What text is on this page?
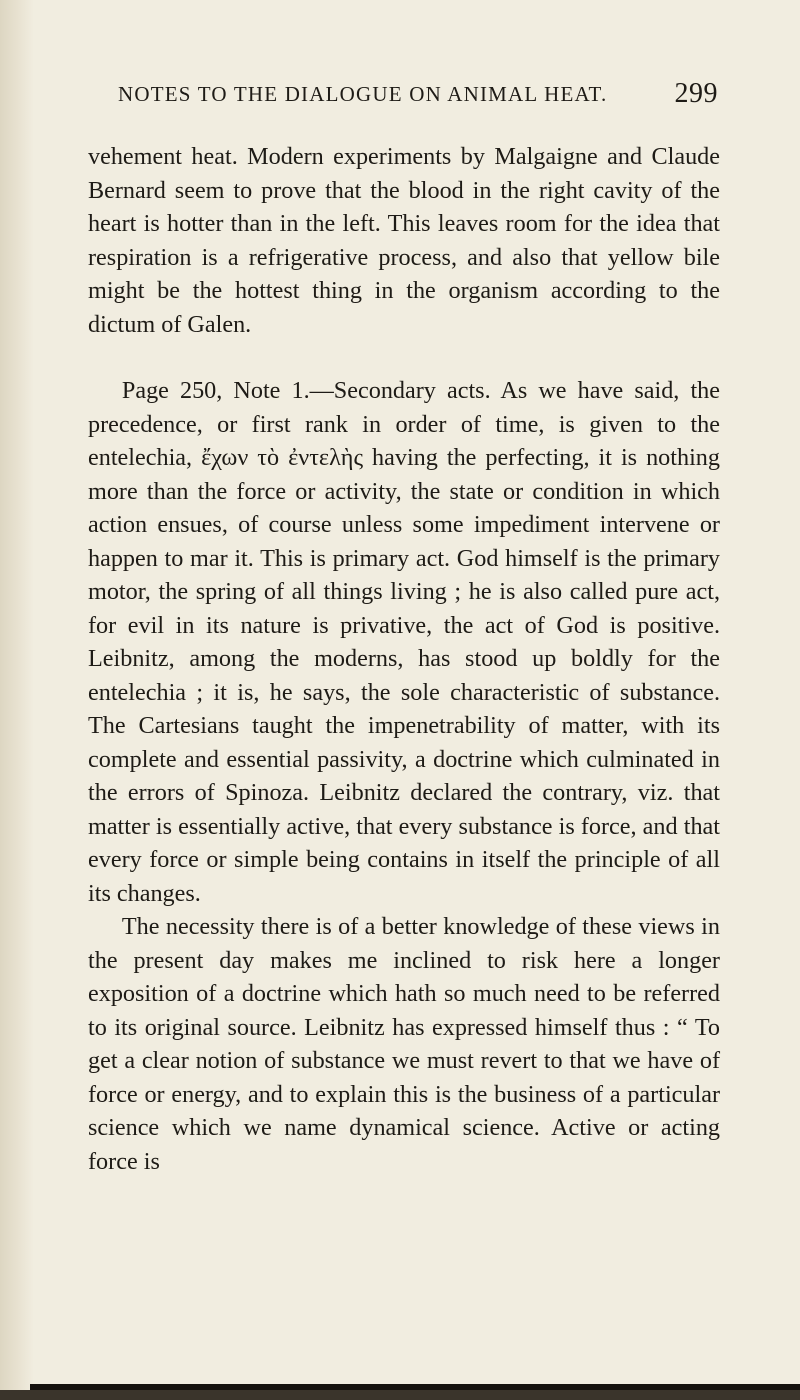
NOTES TO THE DIALOGUE ON ANIMAL HEAT. 299

vehement heat. Modern experiments by Malgaigne and Claude Bernard seem to prove that the blood in the right cavity of the heart is hotter than in the left. This leaves room for the idea that respiration is a refrigerative process, and also that yellow bile might be the hottest thing in the organism according to the dictum of Galen.

Page 250, Note 1.—Secondary acts. As we have said, the precedence, or first rank in order of time, is given to the entelechia, ἔχων τὸ ἐντελὴς having the perfecting, it is nothing more than the force or activity, the state or condition in which action ensues, of course unless some impediment intervene or happen to mar it. This is primary act. God himself is the primary motor, the spring of all things living ; he is also called pure act, for evil in its nature is privative, the act of God is positive. Leibnitz, among the moderns, has stood up boldly for the entelechia ; it is, he says, the sole characteristic of substance. The Cartesians taught the impenetrability of matter, with its complete and essential passivity, a doctrine which culminated in the errors of Spinoza. Leibnitz declared the contrary, viz. that matter is essentially active, that every substance is force, and that every force or simple being contains in itself the principle of all its changes.

The necessity there is of a better knowledge of these views in the present day makes me inclined to risk here a longer exposition of a doctrine which hath so much need to be referred to its original source. Leibnitz has expressed himself thus : “ To get a clear notion of substance we must revert to that we have of force or energy, and to explain this is the business of a particular science which we name dynamical science. Active or acting force is
